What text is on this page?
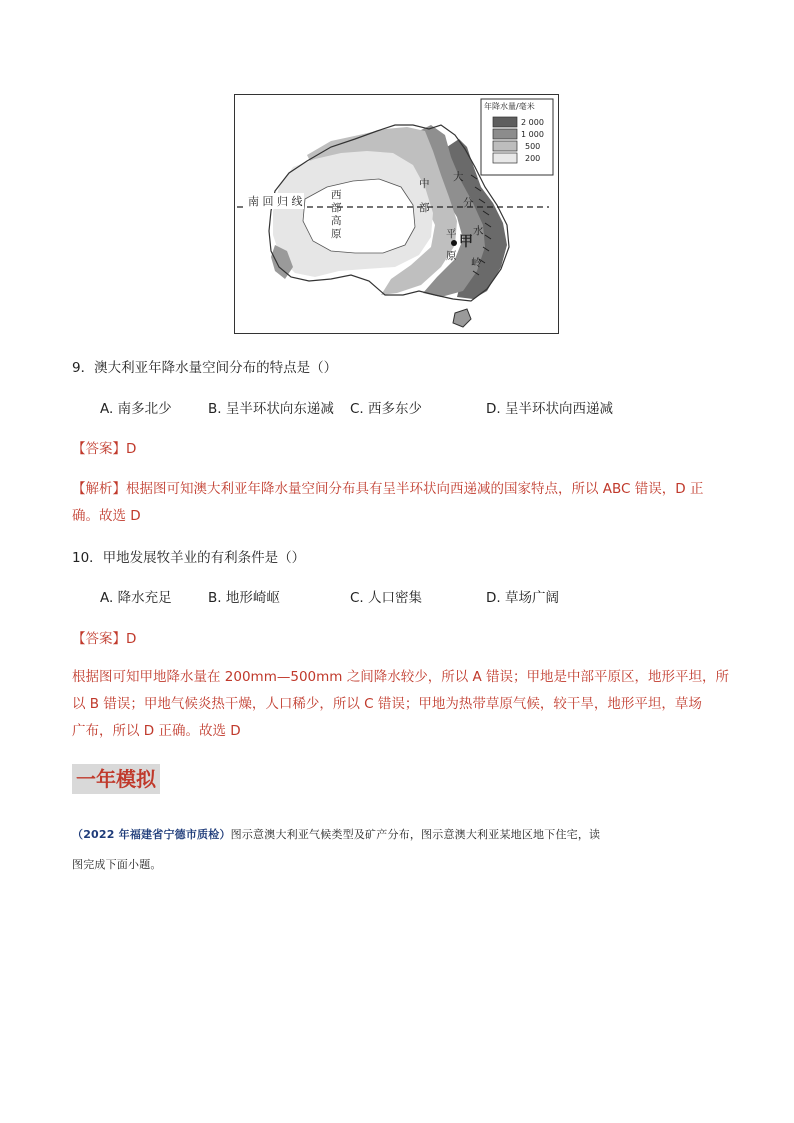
年降水量/毫米
2 000
1 000
500
200
南 回 归 线	西
部
高
原
中
部
平
原
甲
大
分
水
岭
9．澳大利亚年降水量空间分布的特点是（）
A. 南多北少	B. 呈半环状向东递减 C. 西多东少	D. 呈半环状向西递减
【答案】D
【解析】根据图可知澳大利亚年降水量空间分布具有呈半环状向西递减的国家特点，所以 ABC 错误，D 正
确。故选 D
10．甲地发展牧羊业的有利条件是（）
A. 降水充足	B. 地形崎岖	C. 人口密集	D. 草场广阔
【答案】D
根据图可知甲地降水量在 200mm—500mm 之间降水较少，所以 A 错误；甲地是中部平原区，地形平坦，所
以 B 错误；甲地气候炎热干燥，人口稀少，所以 C 错误；甲地为热带草原气候，较干旱，地形平坦，草场
广布，所以 D 正确。故选 D
一年模拟
（2022 年福建省宁德市质检）图示意澳大利亚气候类型及矿产分布，图示意澳大利亚某地区地下住宅，读
图完成下面小题。
